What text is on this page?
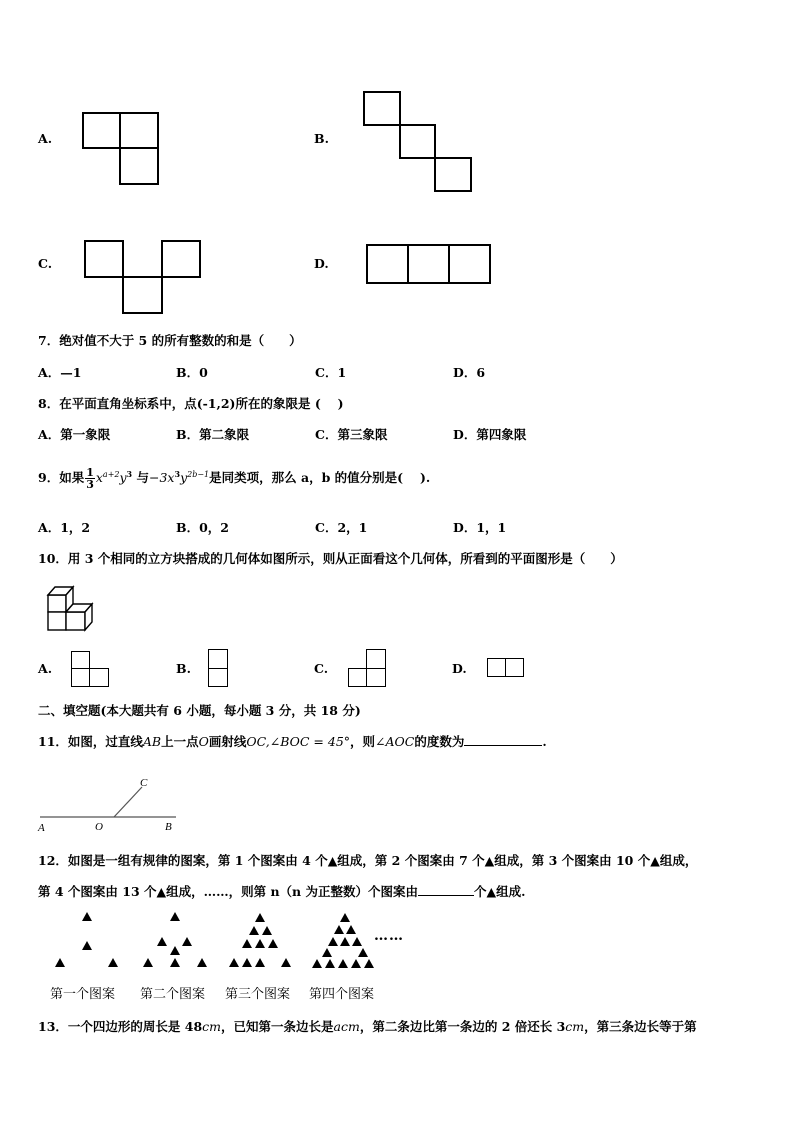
A.	B.
C.	D.
7．绝对值不大于 5 的所有整数的和是（　　）
A．—1	B．0	C．1	D．6
8．在平面直角坐标系中，点(-1,2)所在的象限是 (　 )
A．第一象限	B．第二象限	C．第三象限	D．第四象限
9．如果 $\frac{1}{3} x^{a+2}y^3$ 与$-3x^3y^{2b-1}$是同类项，那么 a，b 的值分别是(　 ).
A．1，2	B．0，2	C．2，1	D．1，1
10．用 3 个相同的立方块搭成的几何体如图所示，则从正面看这个几何体，所看到的平面图形是（　　）
A.	B.	C.	D.
二、填空题(本大题共有 6 小题，每小题 3 分，共 18 分)
11．如图，过直线AB上一点O画射线OC,∠BOC = 45°，则∠AOC的度数为	.
A	O	B
C
12．如图是一组有规律的图案，第 1 个图案由 4 个▲组成，第 2 个图案由 7 个▲组成，第 3 个图案由 10 个▲组成，
第 4 个图案由 13 个▲组成，……，则第 n（n 为正整数）个图案由	个▲组成.
……
第一个图案 第二个图案 第三个图案 第四个图案
13．一个四边形的周长是 48cm，已知第一条边长是acm，第二条边比第一条边的 2 倍还长 3cm，第三条边长等于第
